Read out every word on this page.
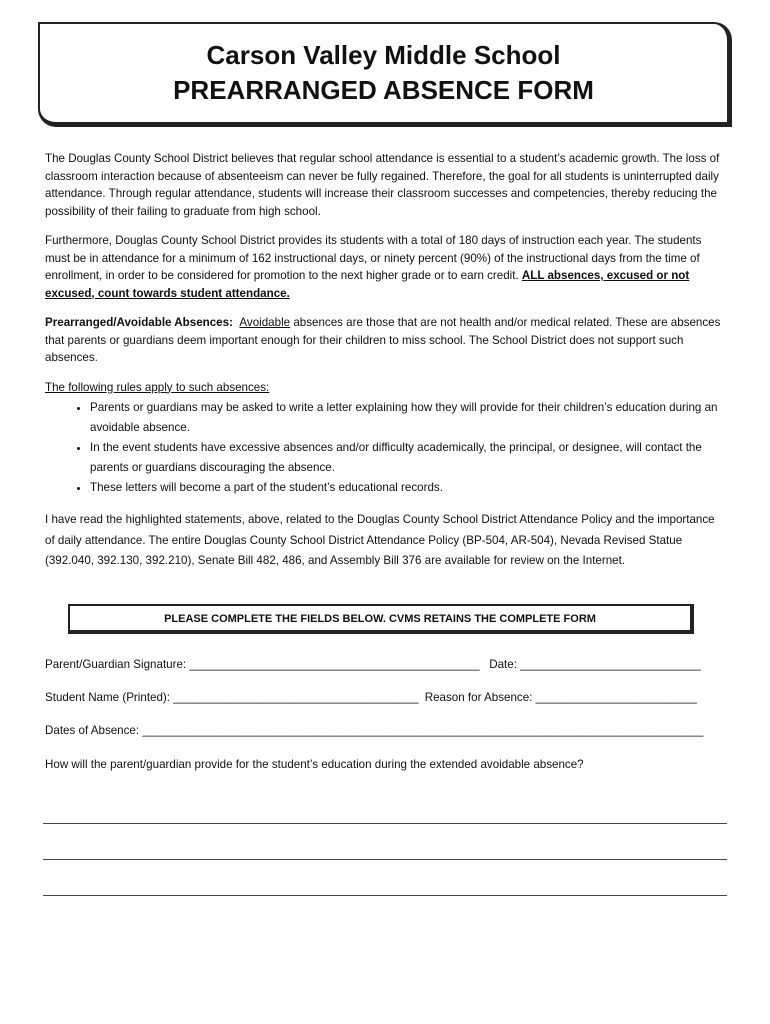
Carson Valley Middle School
PREARRANGED ABSENCE FORM

The Douglas County School District believes that regular school attendance is essential to a student’s academic growth. The loss of classroom interaction because of absenteeism can never be fully regained. Therefore, the goal for all students is uninterrupted daily attendance. Through regular attendance, students will increase their classroom successes and competencies, thereby reducing the possibility of their failing to graduate from high school.

Furthermore, Douglas County School District provides its students with a total of 180 days of instruction each year. The students must be in attendance for a minimum of 162 instructional days, or ninety percent (90%) of the instructional days from the time of enrollment, in order to be considered for promotion to the next higher grade or to earn credit. ALL absences, excused or not excused, count towards student attendance.

Prearranged/Avoidable Absences: Avoidable absences are those that are not health and/or medical related. These are absences that parents or guardians deem important enough for their children to miss school. The School District does not support such absences.

The following rules apply to such absences:
• Parents or guardians may be asked to write a letter explaining how they will provide for their children’s education during an avoidable absence.
• In the event students have excessive absences and/or difficulty academically, the principal, or designee, will contact the parents or guardians discouraging the absence.
• These letters will become a part of the student’s educational records.

I have read the highlighted statements, above, related to the Douglas County School District Attendance Policy and the importance of daily attendance. The entire Douglas County School District Attendance Policy (BP-504, AR-504), Nevada Revised Statue (392.040, 392.130, 392.210), Senate Bill 482, 486, and Assembly Bill 376 are available for review on the Internet.

PLEASE COMPLETE THE FIELDS BELOW. CVMS RETAINS THE COMPLETE FORM
Parent/Guardian Signature: _____________________________________________ Date: ____________________________
Student Name (Printed): ______________________________________ Reason for Absence: _________________________
Dates of Absence: _______________________________________________________________________________________
How will the parent/guardian provide for the student’s education during the extended avoidable absence?
